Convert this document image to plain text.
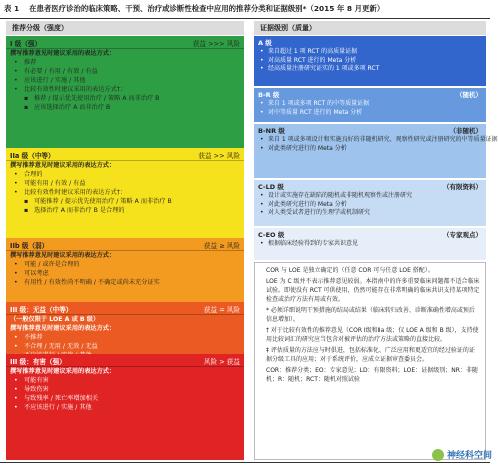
表 1 在患者医疗诊治的临床策略、干预、治疗或诊断性检查中应用的推荐分类和证据级别*（2015 年 8 月更新）
推荐分级（强度）	证据级别（质量）
I 级（强）	获益 >>> 风险
撰写推荐意见时建议采用的表达方式：
• 推荐
• 有必要 / 有用 / 有效 / 有益
• 应该进行 / 实施 / 其他
• 比较有效性时建议采用的表达方式†：
▪ 推荐 / 提示优先使用治疗 / 策略 A 而非治疗 B
▪ 应该选择治疗 A 而非治疗 B
IIa 级（中等）	获益 >> 风险
撰写推荐意见时建议采用的表达方式：
• 合理的
• 可能有用 / 有效 / 有益
• 比较有效性时建议采用的表达方式†：
▪ 可能推荐 / 提示优先使用治疗 / 策略 A 而非治疗 B
▪ 选择治疗 A 而非治疗 B 是合理的
IIb 级（弱）	获益 ≥ 风险
撰写推荐意见时建议采用的表达方式：
• 可能 / 或许是合理的
• 可以考虑
• 有用性 / 有效性尚不明确 / 不确定或尚未充分证实
III 级：无益（中等）	获益 = 风险
（一般仅限于 LOE A 或 B 级）
撰写推荐意见时建议采用的表达方式：
• 不推荐
• 不合理 / 无用 / 无效 / 无益
III 级：有害（强）	风险 > 获益
撰写推荐意见时建议采用的表达方式：
• 可能有害
• 导致伤害
• 与致残率 / 死亡率增加相关
• 不应该进行 / 实施 / 其他
A 级
• 来自超过 1 项 RCT 的高质量证据
• 对高质量 RCT 进行的 Meta 分析
• 经高质量注册研究证实的 1 项或多项 RCT
B-R 级	（随机）
• 来自 1 项或多项 RCT 的中等质量证据
• 对中等质量 RCT 进行的 Meta 分析
B-NR 级	（非随机）
• 来自 1 项或多项设计和实施良好的非随机研究、观察性研究或注册研究的中等质量证据
• 对此类研究进行的 Meta 分析
C-LD 级	（有限资料）
• 设计或实施存在缺陷的随机或非随机观察性或注册研究
• 对此类研究进行的 Meta 分析
• 对人类受试者进行的生理学或机制研究
C-EO 级	（专家观点）
• 根据临床经验得到的专家共识意见

COR 与 LOE 是独立确定的（任意 COR 可与任意 LOE 搭配）。

LOE 为 C 级并不表示推荐意见较弱。本指南中的许多重要临床问题都不适合临床试验。即使没有 RCT 可供使用，仍然可能存在非常明确的临床共识支持某项特定检查或治疗方法有用或有效。

* 必须详细说明干预措施的结局或结果（临床转归改善、诊断准确性增高或预后信息增加）。

† 对于比较有效性的推荐意见（COR Ⅰ级和Ⅱa 级；仅 LOE A 级和 B 级），支持使用比较词汇的研究应当包含对被评估的治疗方法或策略的直接比较。

‡ 评估质量的方法应与时俱进，包括标准化、广泛应用和更适宜的经过验证的证据分级工具的应用；对于系统评价，应成立证据审查委员会。

COR：推荐分类；EO：专家意见；LD：有限资料；LOE：证据级别；NR：非随机；R：随机；RCT：随机对照试验

神经科空间
